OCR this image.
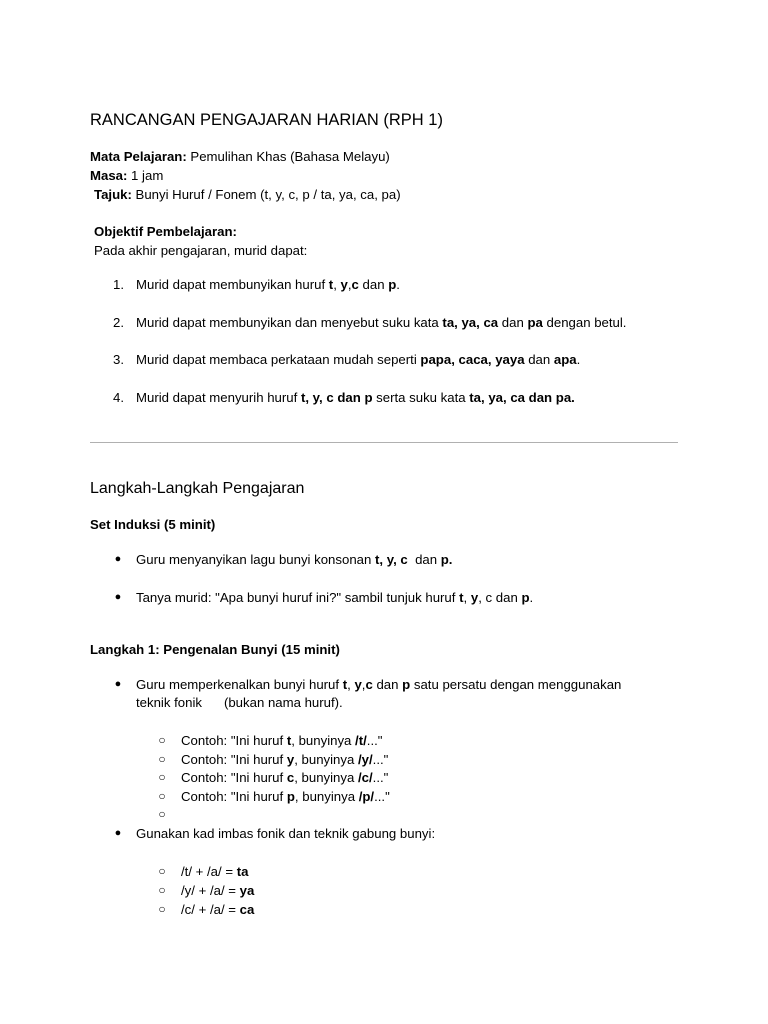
RANCANGAN PENGAJARAN HARIAN (RPH 1)
Mata Pelajaran: Pemulihan Khas (Bahasa Melayu)
Masa: 1 jam
Tajuk: Bunyi Huruf / Fonem (t, y, c, p / ta, ya, ca, pa)
Objektif Pembelajaran:
Pada akhir pengajaran, murid dapat:
1. Murid dapat membunyikan huruf t, y,c dan p.
2. Murid dapat membunyikan dan menyebut suku kata ta, ya, ca dan pa dengan betul.
3. Murid dapat membaca perkataan mudah seperti papa, caca, yaya dan apa.
4. Murid dapat menyurih huruf t, y, c dan p serta suku kata ta, ya, ca dan pa.
Langkah-Langkah Pengajaran
Set Induksi (5 minit)
● Guru menyanyikan lagu bunyi konsonan t, y, c  dan p.
● Tanya murid: "Apa bunyi huruf ini?" sambil tunjuk huruf t, y, c dan p.
Langkah 1: Pengenalan Bunyi (15 minit)
● Guru memperkenalkan bunyi huruf t, y,c dan p satu persatu dengan menggunakan
teknik fonik      (bukan nama huruf).
○ Contoh: "Ini huruf t, bunyinya /t/..."
○ Contoh: "Ini huruf y, bunyinya /y/..."
○ Contoh: "Ini huruf c, bunyinya /c/..."
○ Contoh: "Ini huruf p, bunyinya /p/..."
○
● Gunakan kad imbas fonik dan teknik gabung bunyi:
○ /t/ + /a/ = ta
○ /y/ + /a/ = ya
○ /c/ + /a/ = ca
